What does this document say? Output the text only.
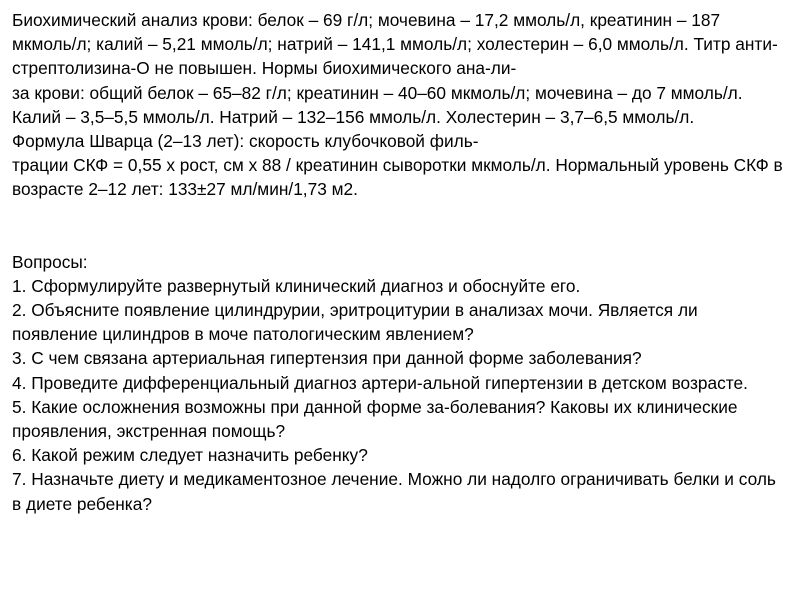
Биохимический анализ крови: белок – 69 г/л; мочевина – 17,2 ммоль/л, креатинин – 187 мкмоль/л; калий – 5,21 ммоль/л; натрий – 141,1 ммоль/л; холестерин – 6,0 ммоль/л. Титр анти-

стрептолизина-О не повышен. Нормы биохимического ана-ли-

за крови: общий белок – 65–82 г/л; креатинин – 40–60 мкмоль/л; мочевина – до 7 ммоль/л. Калий – 3,5–5,5 ммоль/л. Натрий – 132–156 ммоль/л. Холестерин – 3,7–6,5 ммоль/л.

Формула Шварца (2–13 лет): скорость клубочковой филь-

трации СКФ = 0,55 х рост, см х 88 / креатинин сыворотки мкмоль/л. Нормальный уровень СКФ в возрасте 2–12 лет: 133±27 мл/мин/1,73 м2.

Вопросы:

1. Сформулируйте развернутый клинический диагноз и обоснуйте его.

2. Объясните появление цилиндрурии, эритроцитурии в анализах мочи. Является ли появление цилиндров в моче патологическим явлением?

3. С чем связана артериальная гипертензия при данной форме заболевания?

4. Проведите дифференциальный диагноз артери-альной гипертензии в детском возрасте.

5. Какие осложнения возможны при данной форме за-болевания? Каковы их клинические проявления, экстренная помощь?

6. Какой режим следует назначить ребенку?

7. Назначьте диету и медикаментозное лечение. Можно ли надолго ограничивать белки и соль в диете ребенка?
